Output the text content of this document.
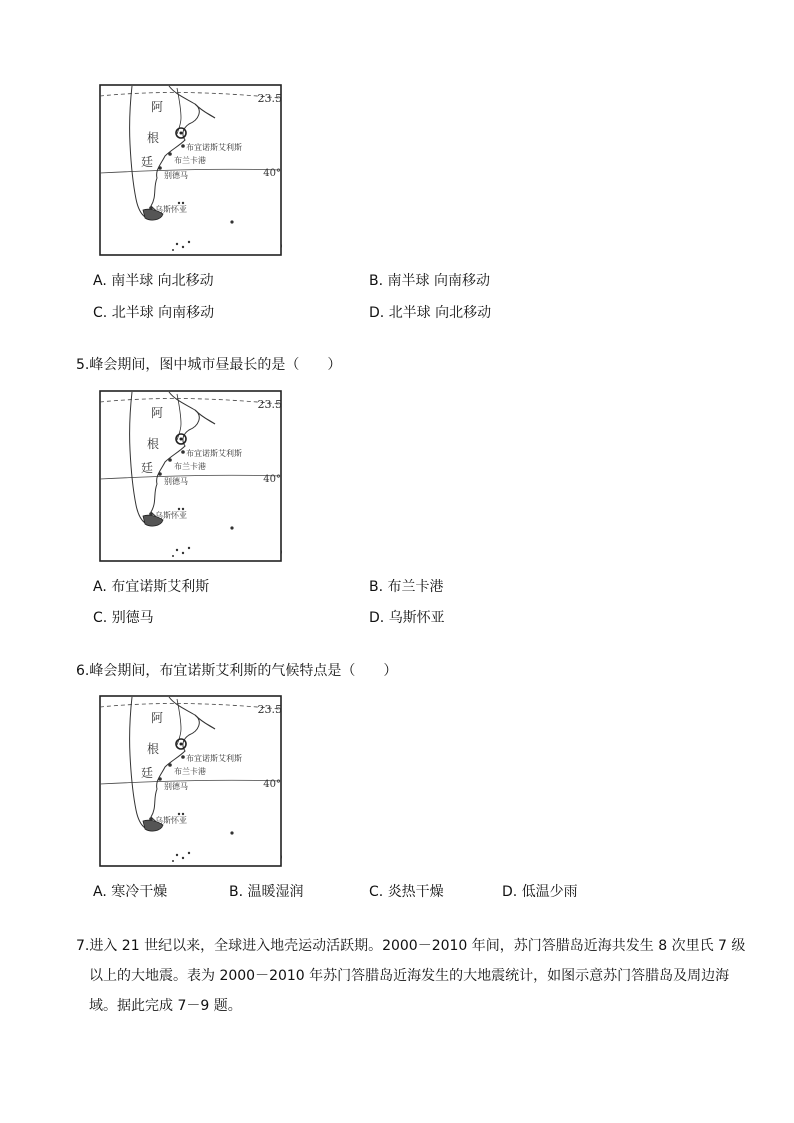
23.5
40°
阿
根
廷
布宜诺斯艾利斯
布兰卡港
别德马
乌斯怀亚
A. 南半球 向北移动	B. 南半球 向南移动
C. 北半球 向南移动	D. 北半球 向北移动
5.峰会期间，图中城市昼最长的是（　　）
23.5
40°
阿
根
廷
布宜诺斯艾利斯
布兰卡港
别德马
乌斯怀亚
A. 布宜诺斯艾利斯	B. 布兰卡港
C. 别德马	D. 乌斯怀亚
6.峰会期间，布宜诺斯艾利斯的气候特点是（　　）
23.5
40°
阿
根
廷
布宜诺斯艾利斯
布兰卡港
别德马
乌斯怀亚
A. 寒冷干燥	B. 温暖湿润	C. 炎热干燥	D. 低温少雨
7.进入 21 世纪以来，全球进入地壳运动活跃期。2000－2010 年间，苏门答腊岛近海共发生 8 次里氏 7 级
以上的大地震。表为 2000－2010 年苏门答腊岛近海发生的大地震统计，如图示意苏门答腊岛及周边海
域。据此完成 7－9 题。
